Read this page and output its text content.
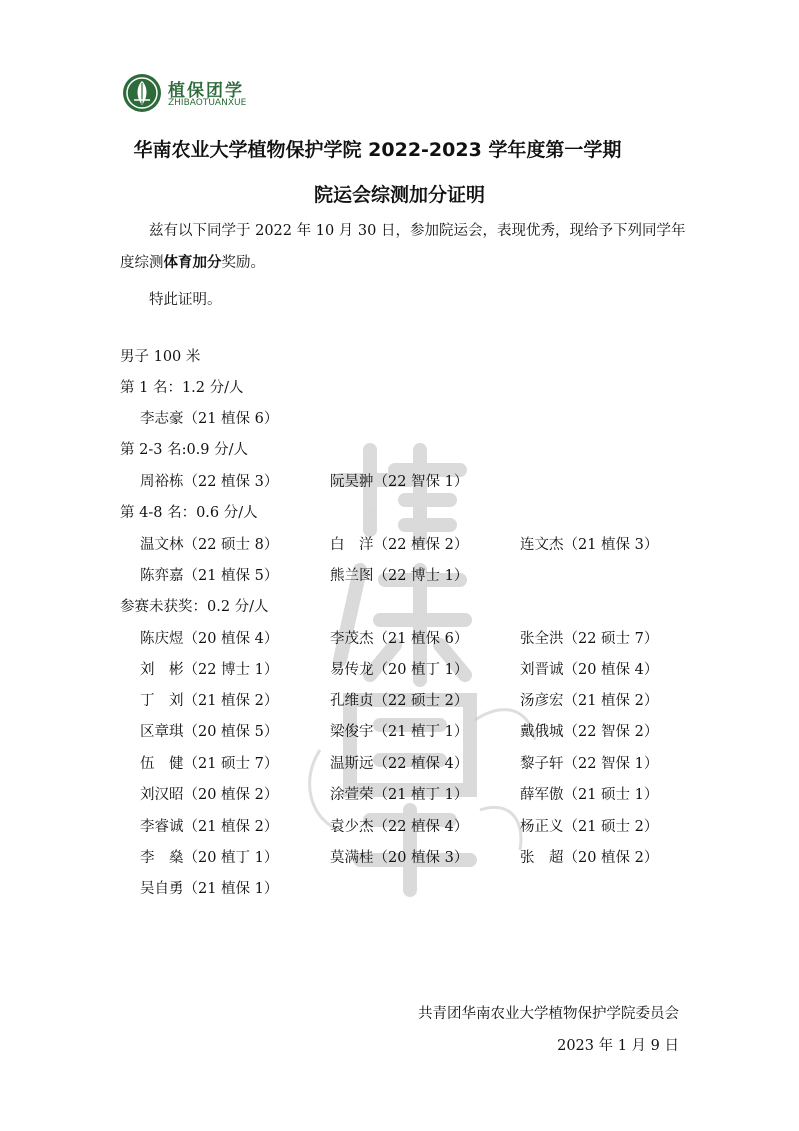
植保团学
ZHIBAOTUANXUE
华南农业大学植物保护学院 2022-2023 学年度第一学期
院运会综测加分证明
兹有以下同学于 2022 年 10 月 30 日，参加院运会，表现优秀，现给予下列同学年度综测体育加分奖励。
特此证明。
男子 100 米
第 1 名：1.2 分/人
李志豪（21 植保 6）
第 2-3 名:0.9 分/人
周裕栋（22 植保 3）	阮昊翀（22 智保 1）
第 4-8 名：0.6 分/人
温文林（22 硕士 8）	白　洋（22 植保 2）	连文杰（21 植保 3）
陈弈嘉（21 植保 5）	熊兰图（22 博士 1）
参赛未获奖：0.2 分/人
陈庆煜（20 植保 4）	李茂杰（21 植保 6）	张全洪（22 硕士 7）
刘　彬（22 博士 1）	易传龙（20 植丁 1）	刘晋诚（20 植保 4）
丁　刘（21 植保 2）	孔维贞（22 硕士 2）	汤彦宏（21 植保 2）
区章琪（20 植保 5）	梁俊宇（21 植丁 1）	戴俄城（22 智保 2）
伍　健（21 硕士 7）	温斯远（22 植保 4）	黎子轩（22 智保 1）
刘汉昭（20 植保 2）	涂萱荣（21 植丁 1）	薛军傲（21 硕士 1）
李睿诚（21 植保 2）	袁少杰（22 植保 4）	杨正义（21 硕士 2）
李　燊（20 植丁 1）	莫满桂（20 植保 3）	张　超（20 植保 2）
吴自勇（21 植保 1）
共青团华南农业大学植物保护学院委员会
2023 年 1 月 9 日
